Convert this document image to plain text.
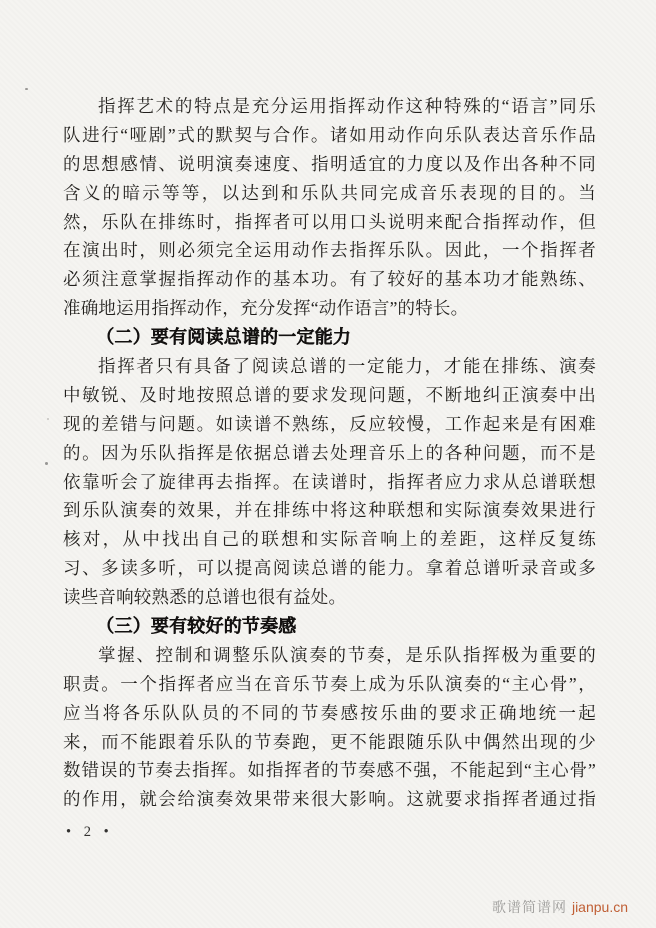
指挥艺术的特点是充分运用指挥动作这种特殊的“语言”同乐
队进行“哑剧”式的默契与合作。诸如用动作向乐队表达音乐作品
的思想感情、说明演奏速度、指明适宜的力度以及作出各种不同
含义的暗示等等，以达到和乐队共同完成音乐表现的目的。当
然，乐队在排练时，指挥者可以用口头说明来配合指挥动作，但
在演出时，则必须完全运用动作去指挥乐队。因此，一个指挥者
必须注意掌握指挥动作的基本功。有了较好的基本功才能熟练、
准确地运用指挥动作，充分发挥“动作语言”的特长。
（二）要有阅读总谱的一定能力
指挥者只有具备了阅读总谱的一定能力，才能在排练、演奏
中敏锐、及时地按照总谱的要求发现问题，不断地纠正演奏中出
现的差错与问题。如读谱不熟练，反应较慢，工作起来是有困难
的。因为乐队指挥是依据总谱去处理音乐上的各种问题，而不是
依靠听会了旋律再去指挥。在读谱时，指挥者应力求从总谱联想
到乐队演奏的效果，并在排练中将这种联想和实际演奏效果进行
核对，从中找出自己的联想和实际音响上的差距，这样反复练
习、多读多听，可以提高阅读总谱的能力。拿着总谱听录音或多
读些音响较熟悉的总谱也很有益处。
（三）要有较好的节奏感
掌握、控制和调整乐队演奏的节奏，是乐队指挥极为重要的
职责。一个指挥者应当在音乐节奏上成为乐队演奏的“主心骨”，
应当将各乐队队员的不同的节奏感按乐曲的要求正确地统一起
来，而不能跟着乐队的节奏跑，更不能跟随乐队中偶然出现的少
数错误的节奏去指挥。如指挥者的节奏感不强，不能起到“主心骨”
的作用，就会给演奏效果带来很大影响。这就要求指挥者通过指
• 2 •
歌谱简谱网 jianpu.cn
